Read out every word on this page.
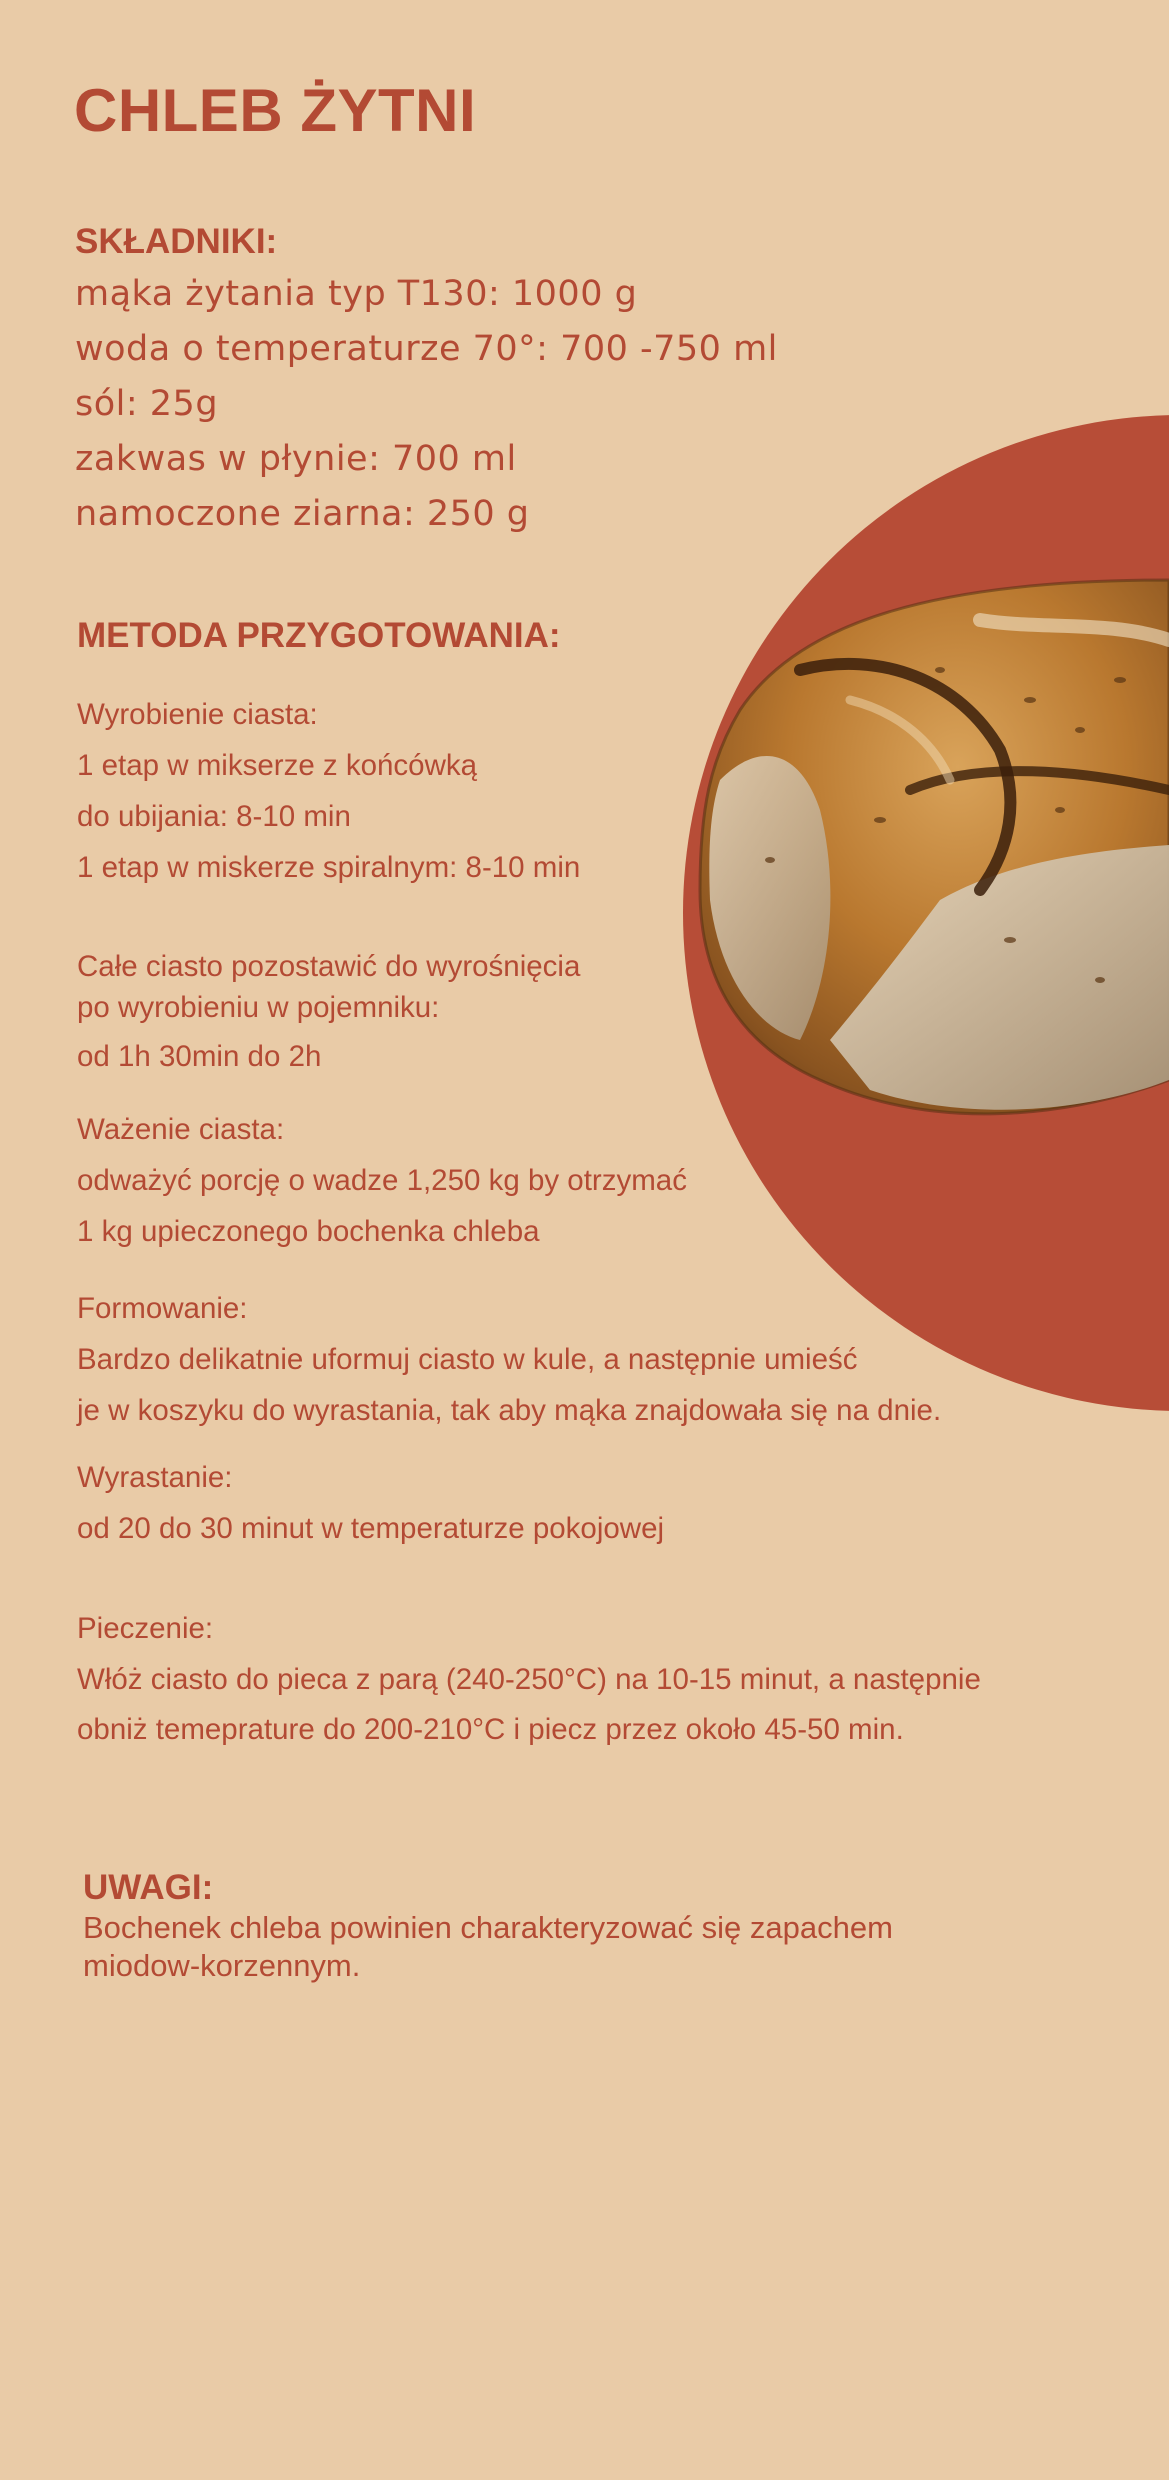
CHLEB ŻYTNI
SKŁADNIKI:

mąka żytania typ T130: 1000 g

woda o temperaturze 70°: 700 -750 ml

sól: 25g

zakwas w płynie: 700 ml

namoczone ziarna: 250 g

METODA PRZYGOTOWANIA:

Wyrobienie ciasta:

1 etap w mikserze z końcówką

do ubijania: 8-10 min

1 etap w miskerze spiralnym: 8-10 min

Całe ciasto pozostawić do wyrośnięcia

po wyrobieniu w pojemniku:

od 1h 30min do 2h

Ważenie ciasta:

odważyć porcję o wadze 1,250 kg by otrzymać

1 kg upieczonego bochenka chleba

Formowanie:

Bardzo delikatnie uformuj ciasto w kule, a następnie umieść

je w koszyku do wyrastania, tak aby mąka znajdowała się na dnie.

Wyrastanie:

od 20 do 30 minut w temperaturze pokojowej

Pieczenie:

Włóż ciasto do pieca z parą (240-250°C) na 10-15 minut, a następnie

obniż temeprature do 200-210°C i piecz przez około 45-50 min.

UWAGI:

Bochenek chleba powinien charakteryzować się zapachem

miodow-korzennym.
